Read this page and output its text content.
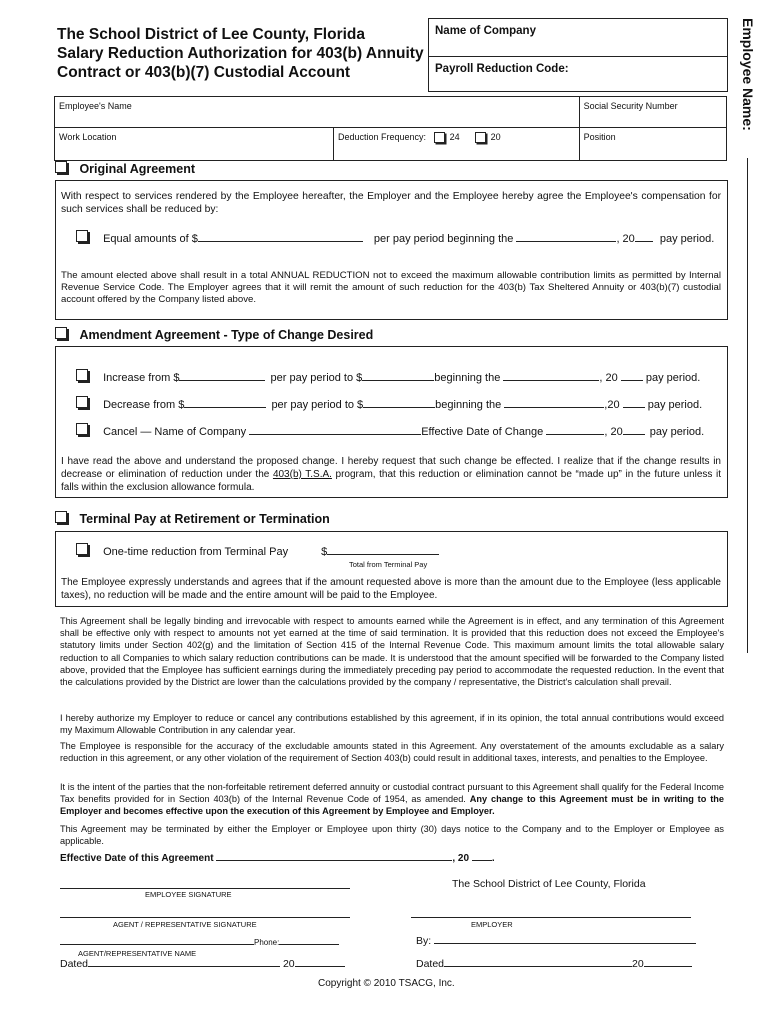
The School District of Lee County, Florida
Salary Reduction Authorization for 403(b) Annuity
Contract or 403(b)(7) Custodial Account
Name of Company
Payroll Reduction Code:	Employee Name:
Employee's Name		Social Security Number
Work Location	Deduction Frequency: 24 20	Position
Original Agreement
With respect to services rendered by the Employee hereafter, the Employer and the Employee hereby agree the Employee's compensation for such services shall be reduced by:
Equal amounts of $	per pay period beginning the	, 20 pay period.
The amount elected above shall result in a total ANNUAL REDUCTION not to exceed the maximum allowable contribution limits as permitted by Internal Revenue Service Code. The Employer agrees that it will remit the amount of such reduction for the 403(b) Tax Sheltered Annuity or 403(b)(7) custodial account offered by the Company listed above.
Amendment Agreement - Type of Change Desired
Increase from $	per pay period to $	beginning the	, 20	pay period.
Decrease from $	per pay period to $	beginning the	,20	pay period.
Cancel — Name of Company	Effective Date of Change	, 20 pay period.
I have read the above and understand the proposed change. I hereby request that such change be effected. I realize that if the change results in decrease or elimination of reduction under the 403(b) T.S.A. program, that this reduction or elimination cannot be “made up” in the future unless it falls within the exclusion allowance formula.
Terminal Pay at Retirement or Termination
One-time reduction from Terminal Pay	$
Total from Terminal Pay
The Employee expressly understands and agrees that if the amount requested above is more than the amount due to the Employee (less applicable taxes), no reduction will be made and the entire amount will be paid to the Employee.
This Agreement shall be legally binding and irrevocable with respect to amounts earned while the Agreement is in effect, and any termination of this Agreement shall be effective only with respect to amounts not yet earned at the time of said termination. It is provided that this reduction does not exceed the Employee's statutory limits under Section 402(g) and the limitation of Section 415 of the Internal Revenue Code. This maximum amount limits the total allowable salary reduction to all Companies to which salary reduction contributions can be made. It is understood that the amount specified will be forwarded to the Company listed above, provided that the Employee has sufficient earnings during the immediately preceding pay period to accommodate the requested reduction. In the event that the calculations provided by the District are lower than the calculations provided by the company / representative, the District's calculation shall prevail.
I hereby authorize my Employer to reduce or cancel any contributions established by this agreement, if in its opinion, the total annual contributions would exceed my Maximum Allowable Contribution in any calendar year.
The Employee is responsible for the accuracy of the excludable amounts stated in this Agreement. Any overstatement of the amounts excludable as a salary reduction in this agreement, or any other violation of the requirement of Section 403(b) could result in additional taxes, interests, and penalties to the Employee.
It is the intent of the parties that the non-forfeitable retirement deferred annuity or custodial contract pursuant to this Agreement shall qualify for the Federal Income Tax benefits provided for in Section 403(b) of the Internal Revenue Code of 1954, as amended. Any change to this Agreement must be in writing to the Employer and becomes effective upon the execution of this Agreement by Employee and Employer.
This Agreement may be terminated by either the Employer or Employee upon thirty (30) days notice to the Company and to the Employer or Employee as applicable.
Effective Date of this Agreement	, 20 .
EMPLOYEE SIGNATURE
The School District of Lee County, Florida
AGENT / REPRESENTATIVE SIGNATURE	EMPLOYER
Phone:
AGENT/REPRESENTATIVE NAME
By:
Dated	20	Dated	20
Copyright © 2010 TSACG, Inc.
